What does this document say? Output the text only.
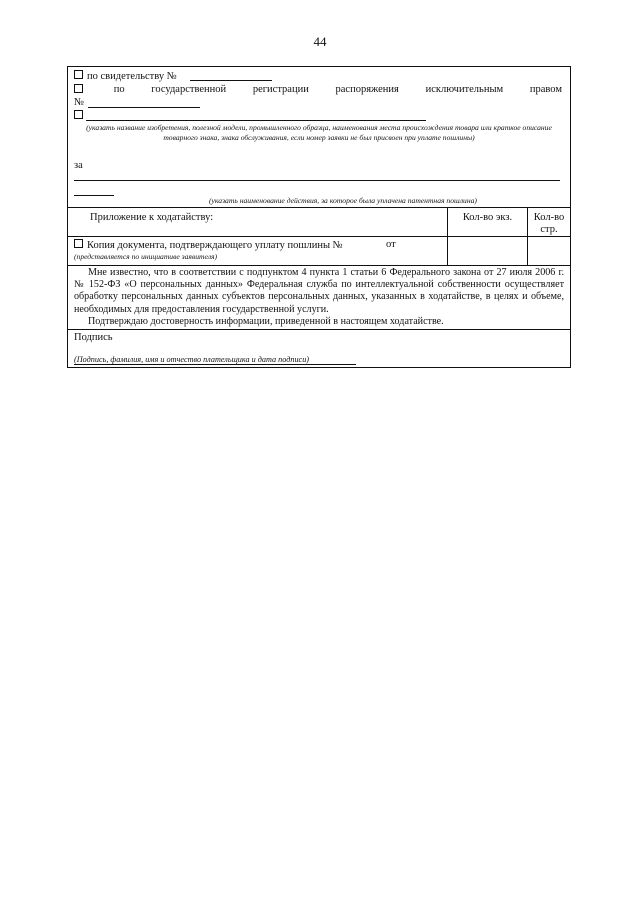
44
по свидетельству №
по	государственной	регистрации	распоряжения	исключительным	правом
№
(указать название изобретения, полезной модели, промышленного образца, наименования места происхождения товара или краткое описание товарного знака, знака обслуживания, если номер заявки не был присвоен при уплате пошлины)
за
(указать наименование действия, за которое была уплачена патентная пошлина)
Приложение к ходатайству:	Кол-во экз.	Кол-во
стр.
Копия документа, подтверждающего уплату пошлины №	от
(представляется по инициативе заявителя)
Мне известно, что в соответствии с подпунктом 4 пункта 1 статьи 6 Федерального закона от 27 июля 2006 г. № 152-ФЗ «О персональных данных» Федеральная служба по интеллектуальной собственности осуществляет обработку персональных данных субъектов персональных данных, указанных в ходатайстве, в целях и объеме, необходимых для предоставления государственной услуги.
Подтверждаю достоверность информации, приведенной в настоящем ходатайстве.
Подпись
(Подпись, фамилия, имя и отчество плательщика и дата подписи)
